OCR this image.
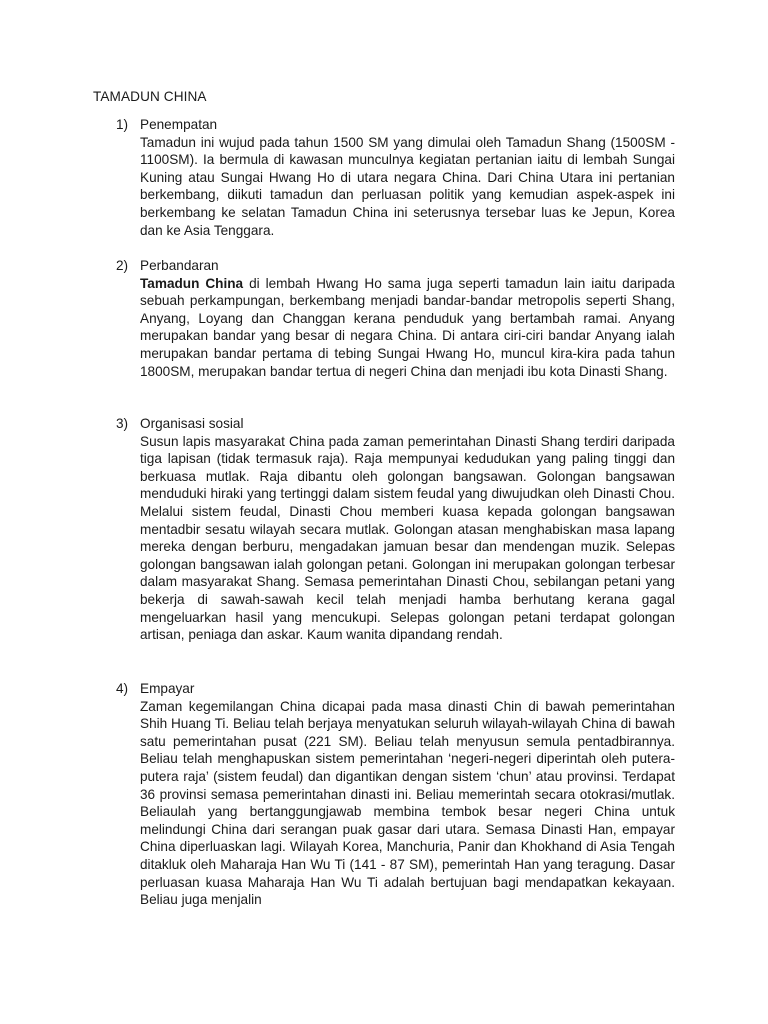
TAMADUN CHINA
1) Penempatan
Tamadun ini wujud pada tahun 1500 SM yang dimulai oleh Tamadun Shang (1500SM - 1100SM). Ia bermula di kawasan munculnya kegiatan pertanian iaitu di lembah Sungai Kuning atau Sungai Hwang Ho di utara negara China. Dari China Utara ini pertanian berkembang, diikuti tamadun dan perluasan politik yang kemudian aspek-aspek ini berkembang ke selatan Tamadun China ini seterusnya tersebar luas ke Jepun, Korea dan ke Asia Tenggara.
2) Perbandaran
Tamadun China di lembah Hwang Ho sama juga seperti tamadun lain iaitu daripada sebuah perkampungan, berkembang menjadi bandar-bandar metropolis seperti Shang, Anyang, Loyang dan Changgan kerana penduduk yang bertambah ramai. Anyang merupakan bandar yang besar di negara China. Di antara ciri-ciri bandar Anyang ialah merupakan bandar pertama di tebing Sungai Hwang Ho, muncul kira-kira pada tahun 1800SM, merupakan bandar tertua di negeri China dan menjadi ibu kota Dinasti Shang.
3) Organisasi sosial
Susun lapis masyarakat China pada zaman pemerintahan Dinasti Shang terdiri daripada tiga lapisan (tidak termasuk raja). Raja mempunyai kedudukan yang paling tinggi dan berkuasa mutlak. Raja dibantu oleh golongan bangsawan. Golongan bangsawan menduduki hiraki yang tertinggi dalam sistem feudal yang diwujudkan oleh Dinasti Chou. Melalui sistem feudal, Dinasti Chou memberi kuasa kepada golongan bangsawan mentadbir sesatu wilayah secara mutlak. Golongan atasan menghabiskan masa lapang mereka dengan berburu, mengadakan jamuan besar dan mendengan muzik. Selepas golongan bangsawan ialah golongan petani. Golongan ini merupakan golongan terbesar dalam masyarakat Shang. Semasa pemerintahan Dinasti Chou, sebilangan petani yang bekerja di sawah-sawah kecil telah menjadi hamba berhutang kerana gagal mengeluarkan hasil yang mencukupi. Selepas golongan petani terdapat golongan artisan, peniaga dan askar. Kaum wanita dipandang rendah.
4) Empayar
Zaman kegemilangan China dicapai pada masa dinasti Chin di bawah pemerintahan Shih Huang Ti. Beliau telah berjaya menyatukan seluruh wilayah-wilayah China di bawah satu pemerintahan pusat (221 SM). Beliau telah menyusun semula pentadbirannya. Beliau telah menghapuskan sistem pemerintahan ‘negeri-negeri diperintah oleh putera-putera raja’ (sistem feudal) dan digantikan dengan sistem ‘chun’ atau provinsi. Terdapat 36 provinsi semasa pemerintahan dinasti ini. Beliau memerintah secara otokrasi/mutlak. Beliaulah yang bertanggungjawab membina tembok besar negeri China untuk melindungi China dari serangan puak gasar dari utara. Semasa Dinasti Han, empayar China diperluaskan lagi. Wilayah Korea, Manchuria, Panir dan Khokhand di Asia Tengah ditakluk oleh Maharaja Han Wu Ti (141 - 87 SM), pemerintah Han yang teragung. Dasar perluasan kuasa Maharaja Han Wu Ti adalah bertujuan bagi mendapatkan kekayaan. Beliau juga menjalin
